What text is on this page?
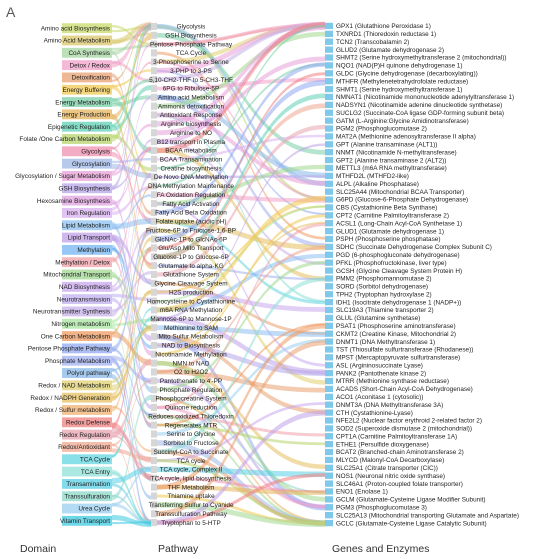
A
Amino acid Biosynthesis
Amino Acid Metabolism
CoA Synthesis
Detox / Redox
Detoxification
Energy Buffering
Energy Metabolism
Energy Production
Epigenetic Regulation
Folate /One Carbon Metabolism
Glycolysis
Glycosylation
Glycosylation / Sugar Metabolism
GSH Biosynthesis
Hexosamine Biosynthesis
Iron Regulation
Lipid Metabolism
Lipid Transport
Methylation
Methylation / Detox
Mitochondrial Transport
NAD Biosynthesis
Neurotransmission
Neurotransmitter Synthesis
Nitrogen metabolism
One Carbon Metabolism
Pentose Phosphate Pathway
Phosphate Metabolism
Polyol pathway
Redox / NAD Metabolism
Redox / NADPH Generation
Redox / Sulfur metabolism
Redox Defense
Redox Regulation
Redox/Antioxidant
TCA Cycle
TCA Entry
Transamination
Transsulfuration
Urea Cycle
Vitamin Transport
Glycolysis
GSH Biosynthesis
Pentose Phosphate Pathway
TCA Cycle
3-Phosphoserine to Serine
3-PHP to 3-PS
5,10-CH2-THF to 5-CH3-THF
6PG to Ribulose-5P
Amino acid Metabolism
Ammonia detoxification
Antioxidant Response
Arginine biosynthesis
Arginine to NO
B12 transport in Plasma
BCAA metabolism
BCAA Transamination
Creatine biosynthesis
De Novo DNA Methylation
DNA Methylation Maintenance
FA Oxidation Regulation
Fatty Acid Activation
Fatty Acid Beta Oxidation
Folate uptake (acidic pH)
Fructose-6P to Fructose-1,6-BP
GlcNAc-1P to GlcNAc-6P
Glu/Asp Mito Transport
Glucose-1P to Glucose-6P
Glutamate to alpha-KG
Glutathione System
Glycine Cleavage System
H2S production
Homocysteine to Cystathionine
m6A RNA Methylation
Mannose-6P to Mannose-1P
Methionine to SAM
Mito Sulfur Metabolism
NAD to Biosynthesis
Nicotinamide Methylation
NMN to NAD
O2 to H2O2
Pantothenate to 4'-PP
Phosphate Regulation
Phosphocreatine System
Quinone reduction
Reduces oxidized Thioredoxin
Regenerates MTR
Serine to Glycine
Sorbitol to Fructose
Succinyl-CoA to Succinate
TCA cycle
TCA cycle, Complex II
TCA cycle, lipid biosynthesis
THF Metabolism
Thiamine uptake
Transferring Sulfur to Cyanide
Transsulfuration Pathway
Tryptophan to 5-HTP
GPX1 (Glutathione Peroxidase 1)
TXNRD1 (Thioredoxin reductase 1)
TCN2 (Transcobalamin 2)
GLUD2 (Glutamate dehydrogenase 2)
SHMT2 (Serine hydroxymethyltransferase 2 (mitochondrial))
NQO1 (NAD(P)H quinone dehydrogenase 1)
GLDC (Glycine dehydrogenase (decarboxylating))
MTHFR (Methylenetetrahydrofolate reductase)
SHMT1 (Serine hydroxymethyltransferase 1)
NMNAT1 (Nicotinamide mononucleotide adenylyltransferase 1)
NADSYN1 (Nicotinamide adenine dinucleotide synthetase)
SUCLG2 (Succinate-CoA ligase GDP-forming subunit beta)
GATM (L-Arginine:Glycine Amidinotransferase)
PGM2 (Phosphoglucomutase 2)
MAT2A (Methionine adenosyltransferase II alpha)
GPT (Alanine transaminase (ALT1))
NNMT (Nicotinamide N-methyltransferase)
GPT2 (Alanine transaminase 2 (ALT2))
METTL3 (m6A RNA methyltransferase)
MTHFD2L (MTHFD2-like)
ALPL (Alkaline Phosphatase)
SLC25A44 (Mitochondrial BCAA Transporter)
G6PD (Glucose-6-Phosphate Dehydrogenase)
CBS (Cystathionine Beta Synthase)
CPT2 (Carnitine Palmitoyltransferase 2)
ACSL1 (Long-Chain Acyl-CoA Synthetase 1)
GLUD1 (Glutamate dehydrogenase 1)
PSPH (Phosphoserine phosphatase)
SDHC (Succinate Dehydrogenase Complex Subunit C)
PGD (6-phosphogluconate dehydrogenase)
PFKL (Phosphofructokinase, liver type)
GCSH (Glycine Cleavage System Protein H)
PMM2 (Phosphomannomutase 2)
SORD (Sorbitol dehydrogenase)
TPH2 (Tryptophan hydroxylase 2)
IDH1 (Isocitrate dehydrogenase 1 (NADP+))
SLC19A3 (Thiamine transporter 2)
GLUL (Glutamine synthetase)
PSAT1 (Phosphoserine aminotransferase)
CKMT2 (Creatine Kinase, Mitochondrial 2)
DNMT1 (DNA Methyltransferase 1)
TST (Thiosulfate sulfurtransferase (Rhodanese))
MPST (Mercaptopyruvate sulfurtransferase)
ASL (Argininosuccinate Lyase)
PANK2 (Pantothenate kinase 2)
MTRR (Methionine synthase reductase)
ACADS (Short-Chain Acyl-CoA Dehydrogenase)
ACO1 (Aconitase 1 (cytosolic))
DNMT3A (DNA Methyltransferase 3A)
CTH (Cystathionine-Lyase)
NFE2L2 (Nuclear factor erythroid 2-related factor 2)
SOD2 (Superoxide dismutase 2 (mitochondrial))
CPT1A (Carnitine Palmitoyltransferase 1A)
ETHE1 (Persulfide dioxygenase)
BCAT2 (Branched-chain Aminotransferase 2)
MLYCD (Malonyl-CoA Decarboxylase)
SLC25A1 (Citrate transporter (CIC))
NOS1 (Neuronal nitric oxide synthase)
SLC46A1 (Proton-coupled folate transporter)
ENO1 (Enolase 1)
GCLM (Glutamate-Cysteine Ligase Modifier Subunit)
PGM3 (Phosphoglucomutase 3)
SLC25A13 (Mitochondrial transporting Glutamate and Aspartate)
GCLC (Glutamate-Cysteine Ligase Catalytic Subunit)
Domain	Pathway	Genes and Enzymes
